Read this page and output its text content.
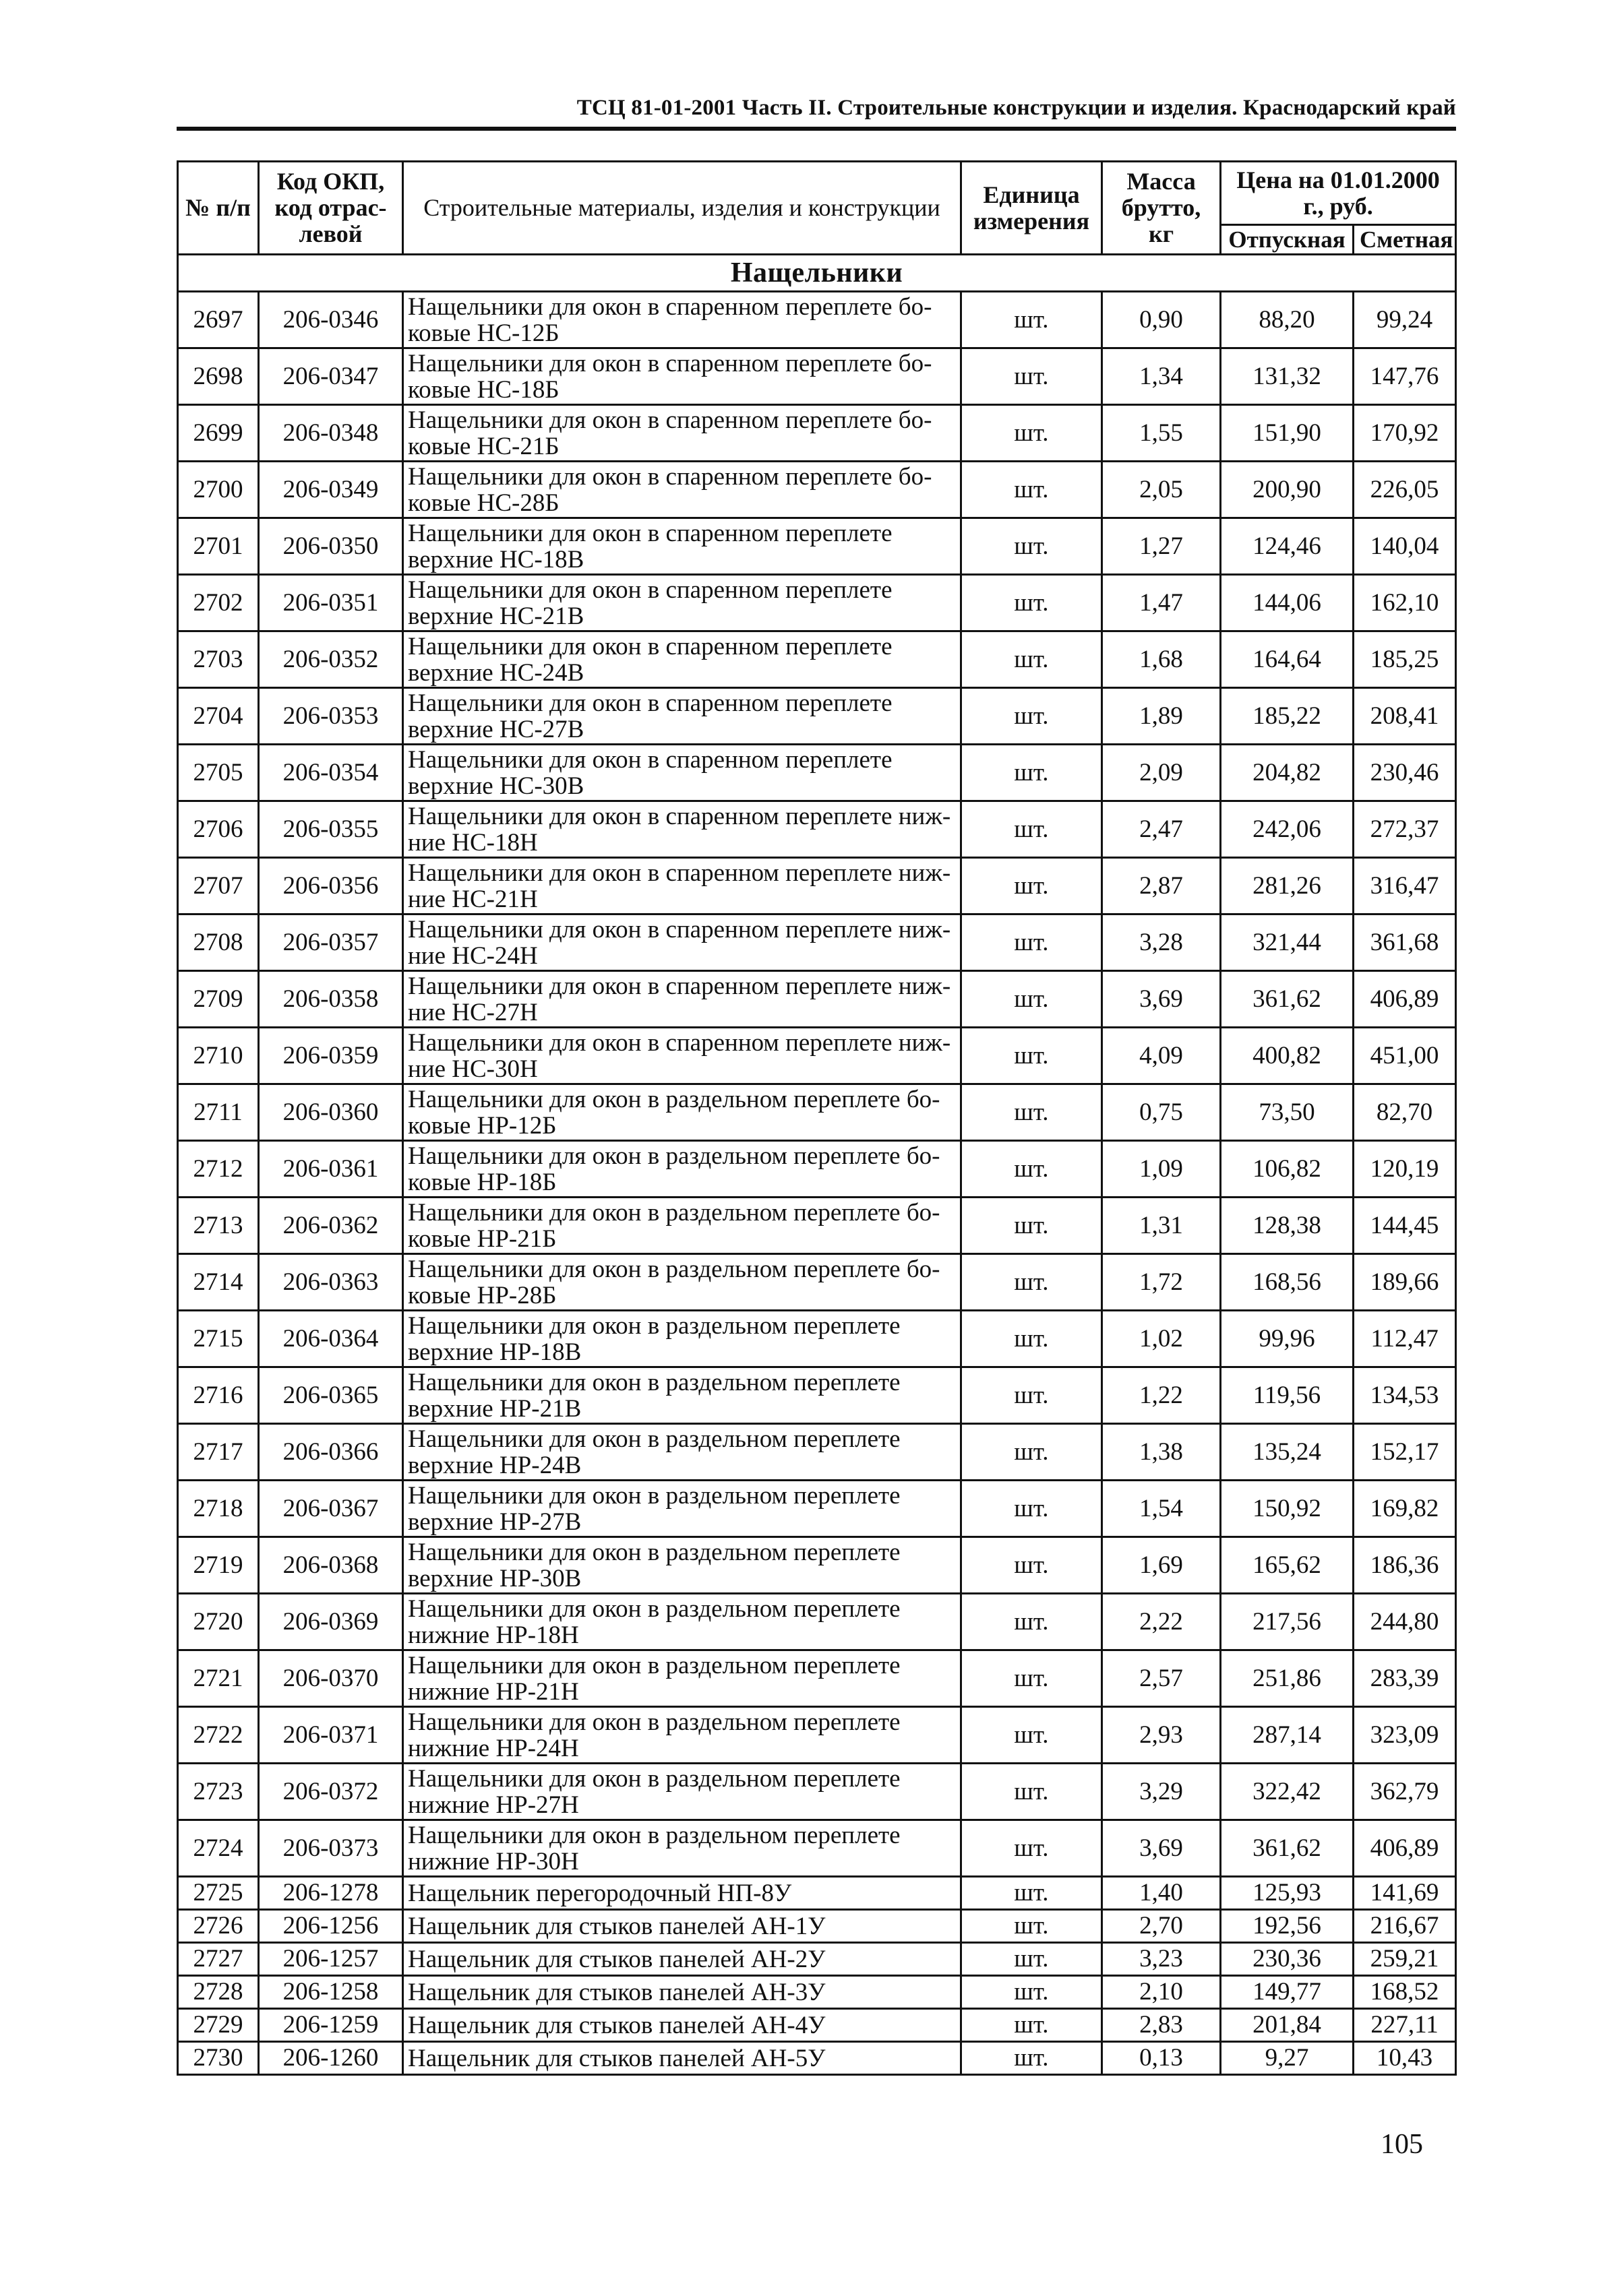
ТСЦ 81-01-2001 Часть II. Строительные конструкции и изделия. Краснодарский край
№ п/п	Код ОКП, код отрас-левой	Строительные материалы, изделия и конструкции	Единица измерения	Масса брутто, кг	Цена на 01.01.2000 г., руб.	
					Отпускная	Сметная
Нащельники						
2697	206-0346	Нащельники для окон в спаренном переплете бо-ковые НС-12Б	шт.	0,90	88,20	99,24
2698	206-0347	Нащельники для окон в спаренном переплете бо-ковые НС-18Б	шт.	1,34	131,32	147,76
2699	206-0348	Нащельники для окон в спаренном переплете бо-ковые НС-21Б	шт.	1,55	151,90	170,92
2700	206-0349	Нащельники для окон в спаренном переплете бо-ковые НС-28Б	шт.	2,05	200,90	226,05
2701	206-0350	Нащельники для окон в спаренном переплете верхние НС-18В	шт.	1,27	124,46	140,04
2702	206-0351	Нащельники для окон в спаренном переплете верхние НС-21В	шт.	1,47	144,06	162,10
2703	206-0352	Нащельники для окон в спаренном переплете верхние НС-24В	шт.	1,68	164,64	185,25
2704	206-0353	Нащельники для окон в спаренном переплете верхние НС-27В	шт.	1,89	185,22	208,41
2705	206-0354	Нащельники для окон в спаренном переплете верхние НС-30В	шт.	2,09	204,82	230,46
2706	206-0355	Нащельники для окон в спаренном переплете ниж-ние НС-18Н	шт.	2,47	242,06	272,37
2707	206-0356	Нащельники для окон в спаренном переплете ниж-ние НС-21Н	шт.	2,87	281,26	316,47
2708	206-0357	Нащельники для окон в спаренном переплете ниж-ние НС-24Н	шт.	3,28	321,44	361,68
2709	206-0358	Нащельники для окон в спаренном переплете ниж-ние НС-27Н	шт.	3,69	361,62	406,89
2710	206-0359	Нащельники для окон в спаренном переплете ниж-ние НС-30Н	шт.	4,09	400,82	451,00
2711	206-0360	Нащельники для окон в раздельном переплете бо-ковые НР-12Б	шт.	0,75	73,50	82,70
2712	206-0361	Нащельники для окон в раздельном переплете бо-ковые НР-18Б	шт.	1,09	106,82	120,19
2713	206-0362	Нащельники для окон в раздельном переплете бо-ковые НР-21Б	шт.	1,31	128,38	144,45
2714	206-0363	Нащельники для окон в раздельном переплете бо-ковые НР-28Б	шт.	1,72	168,56	189,66
2715	206-0364	Нащельники для окон в раздельном переплете верхние НР-18В	шт.	1,02	99,96	112,47
2716	206-0365	Нащельники для окон в раздельном переплете верхние НР-21В	шт.	1,22	119,56	134,53
2717	206-0366	Нащельники для окон в раздельном переплете верхние НР-24В	шт.	1,38	135,24	152,17
2718	206-0367	Нащельники для окон в раздельном переплете верхние НР-27В	шт.	1,54	150,92	169,82
2719	206-0368	Нащельники для окон в раздельном переплете верхние НР-30В	шт.	1,69	165,62	186,36
2720	206-0369	Нащельники для окон в раздельном переплете нижние НР-18Н	шт.	2,22	217,56	244,80
2721	206-0370	Нащельники для окон в раздельном переплете нижние НР-21Н	шт.	2,57	251,86	283,39
2722	206-0371	Нащельники для окон в раздельном переплете нижние НР-24Н	шт.	2,93	287,14	323,09
2723	206-0372	Нащельники для окон в раздельном переплете нижние НР-27Н	шт.	3,29	322,42	362,79
2724	206-0373	Нащельники для окон в раздельном переплете нижние НР-30Н	шт.	3,69	361,62	406,89
2725	206-1278	Нащельник перегородочный НП-8У	шт.	1,40	125,93	141,69
2726	206-1256	Нащельник для стыков панелей АН-1У	шт.	2,70	192,56	216,67
2727	206-1257	Нащельник для стыков панелей АН-2У	шт.	3,23	230,36	259,21
2728	206-1258	Нащельник для стыков панелей АН-3У	шт.	2,10	149,77	168,52
2729	206-1259	Нащельник для стыков панелей АН-4У	шт.	2,83	201,84	227,11
2730	206-1260	Нащельник для стыков панелей АН-5У	шт.	0,13	9,27	10,43
105
